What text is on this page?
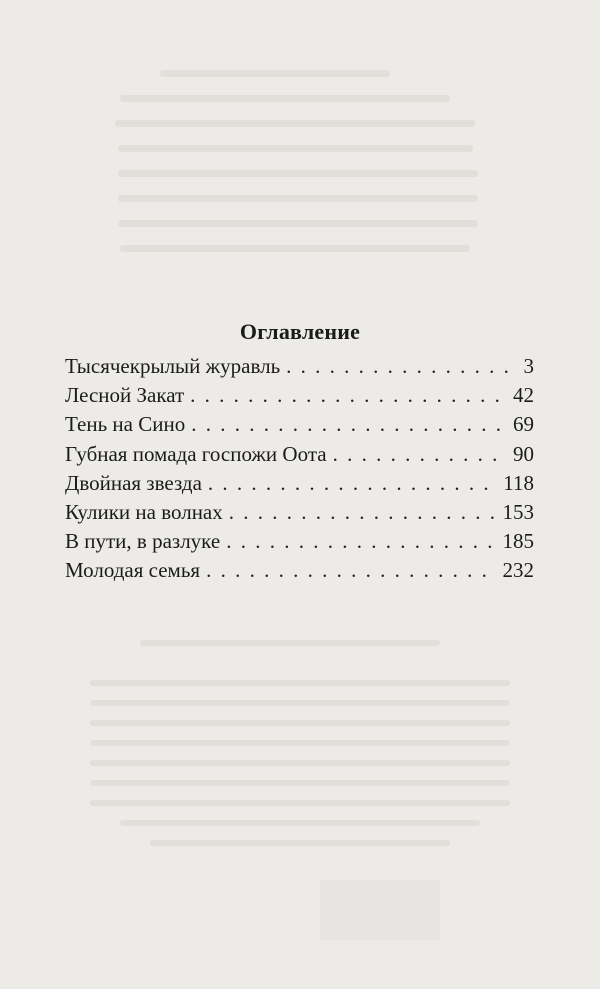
Оглавление
Тысячекрылый журавль . . .	3
Лесной Закат . . .	42
Тень на Сино . . .	69
Губная помада госпожи Оота . . .	90
Двойная звезда . . .	118
Кулики на волнах . . .	153
В пути, в разлуке . . .	185
Молодая семья . . .	232
